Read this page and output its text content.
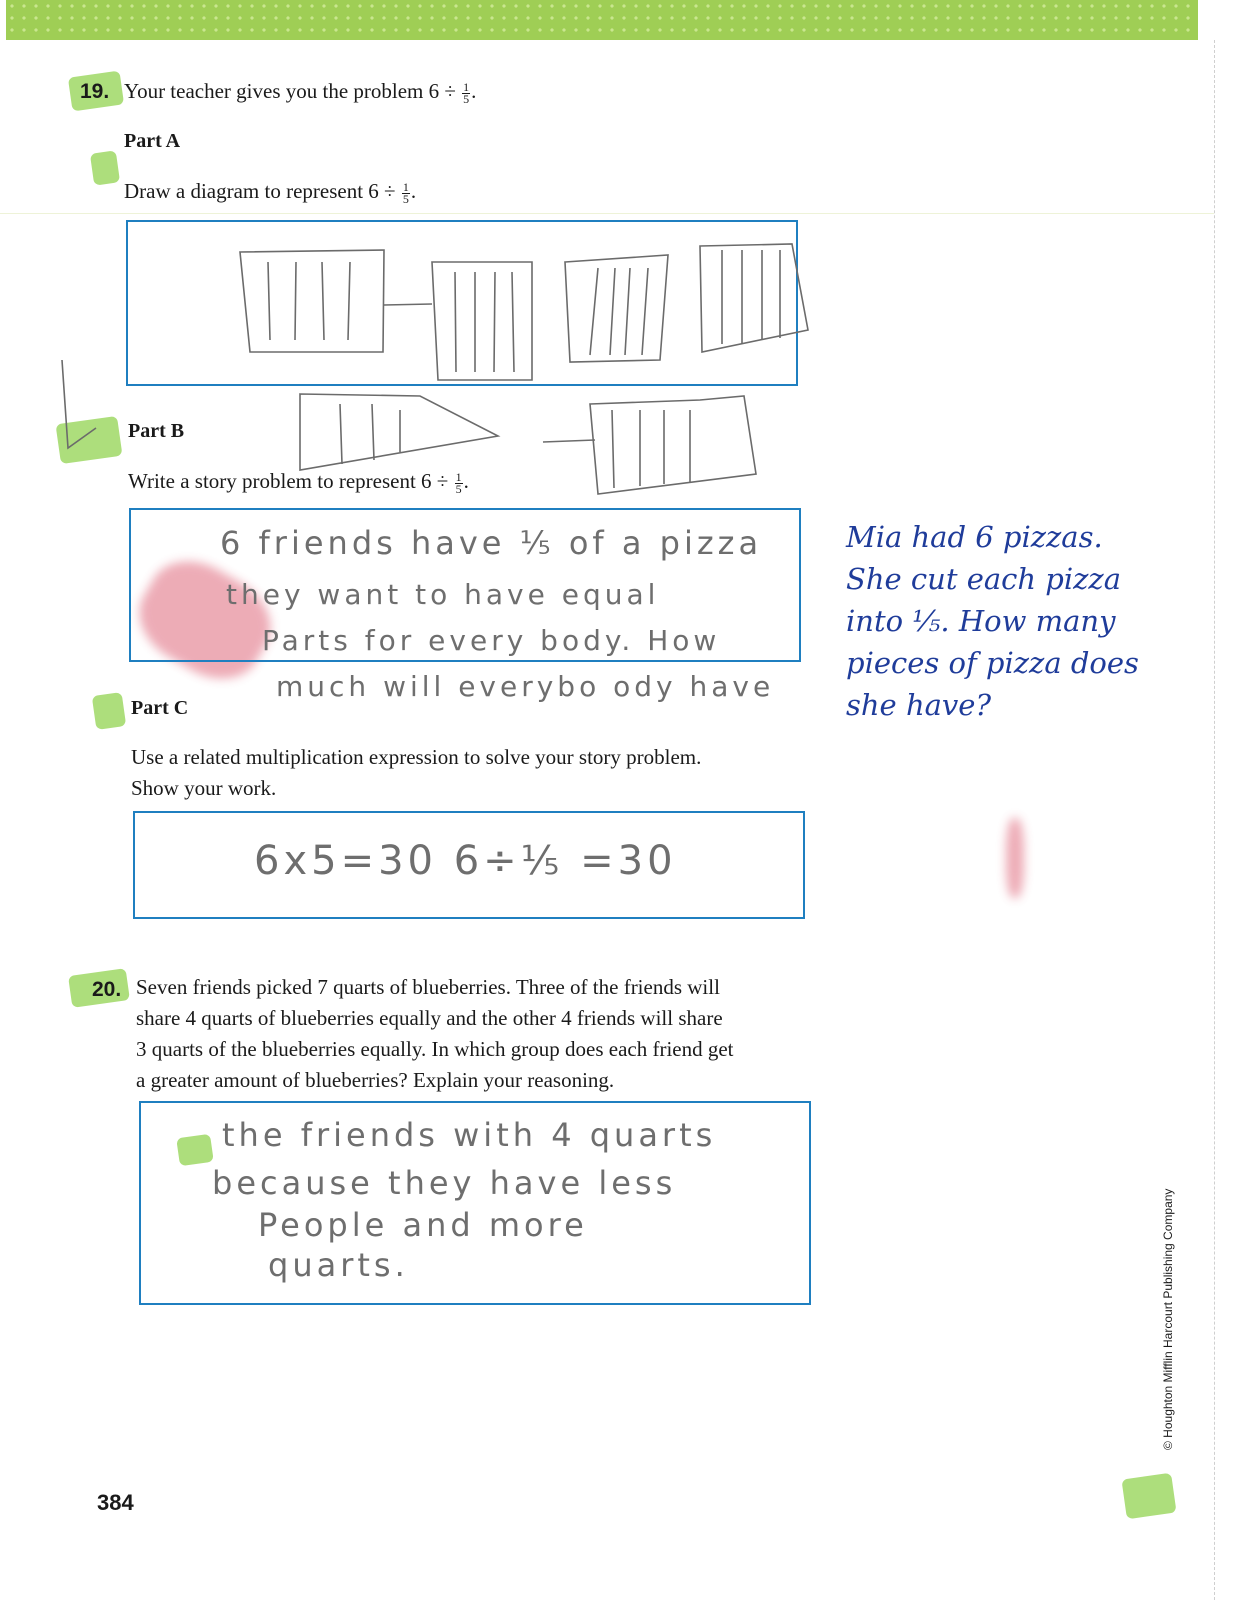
19. Your teacher gives you the problem $6 \div \frac{1}{5}$ .
Part A
Draw a diagram to represent $6 \div \frac{1}{5}$ .
Part B
Write a story problem to represent $6 \div \frac{1}{5}$ .
6 friends have ⅕ of a pizza
they want to have equal
Parts for every body. How
much will everybo ody have
Mia had 6 pizzas.
She cut each pizza
into ⅕. How many
pieces of pizza does
she have?
Part C
Use a related multiplication expression to solve your story problem.
Show your work.
6x5=30 6÷⅕ =30
20. Seven friends picked 7 quarts of blueberries. Three of the friends will
share 4 quarts of blueberries equally and the other 4 friends will share
3 quarts of the blueberries equally. In which group does each friend get
a greater amount of blueberries? Explain your reasoning.
the friends with 4 quarts
because they have less
People and more
quarts.
384
© Houghton Mifflin Harcourt Publishing Company
